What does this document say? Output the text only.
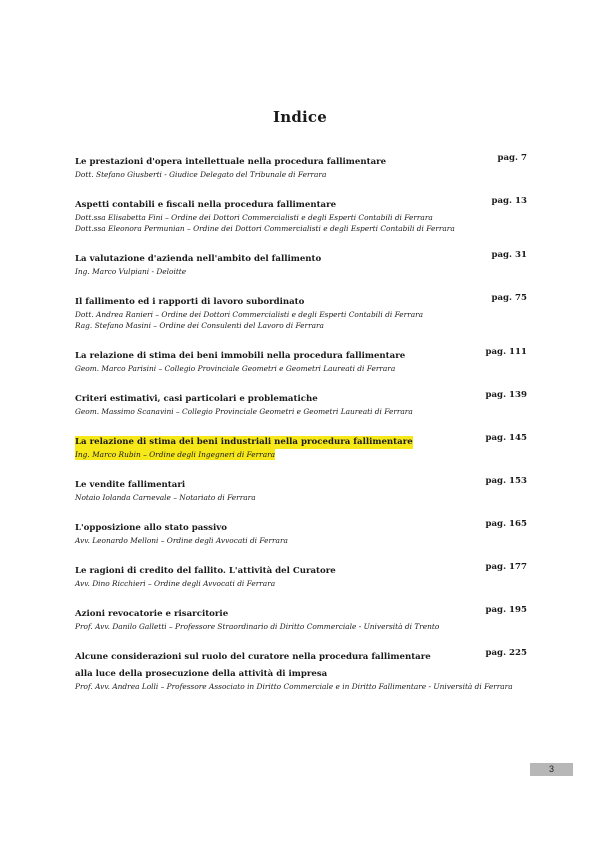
Indice
Le prestazioni d'opera intellettuale nella procedura fallimentare	pag. 7
Dott. Stefano Giusberti - Giudice Delegato del Tribunale di Ferrara
Aspetti contabili e fiscali nella procedura fallimentare	pag. 13
Dott.ssa Elisabetta Fini – Ordine dei Dottori Commercialisti e degli Esperti Contabili di Ferrara
Dott.ssa Eleonora Permunian – Ordine dei Dottori Commercialisti e degli Esperti Contabili di Ferrara
La valutazione d'azienda nell'ambito del fallimento	pag. 31
Ing. Marco Vulpiani - Deloitte
Il fallimento ed i rapporti di lavoro subordinato	pag. 75
Dott. Andrea Ranieri – Ordine dei Dottori Commercialisti e degli Esperti Contabili di Ferrara
Rag. Stefano Masini – Ordine dei Consulenti del Lavoro di Ferrara
La relazione di stima dei beni immobili nella procedura fallimentare	pag. 111
Geom. Marco Parisini – Collegio Provinciale Geometri e Geometri Laureati di Ferrara
Criteri estimativi, casi particolari e problematiche	pag. 139
Geom. Massimo Scanavini – Collegio Provinciale Geometri e Geometri Laureati di Ferrara
La relazione di stima dei beni industriali nella procedura fallimentare	pag. 145
Ing. Marco Rubin – Ordine degli Ingegneri di Ferrara
Le vendite fallimentari	pag. 153
Notaio Iolanda Carnevale – Notariato di Ferrara
L'opposizione allo stato passivo	pag. 165
Avv. Leonardo Melloni – Ordine degli Avvocati di Ferrara
Le ragioni di credito del fallito. L'attività del Curatore	pag. 177
Avv. Dino Ricchieri – Ordine degli Avvocati di Ferrara
Azioni revocatorie e risarcitorie	pag. 195
Prof. Avv. Danilo Galletti – Professore Straordinario di Diritto Commerciale - Università di Trento
Alcune considerazioni sul ruolo del curatore nella procedura fallimentare	pag. 225
alla luce della prosecuzione della attività di impresa
Prof. Avv. Andrea Lolli – Professore Associato in Diritto Commerciale e in Diritto Fallimentare - Università di Ferrara
3
